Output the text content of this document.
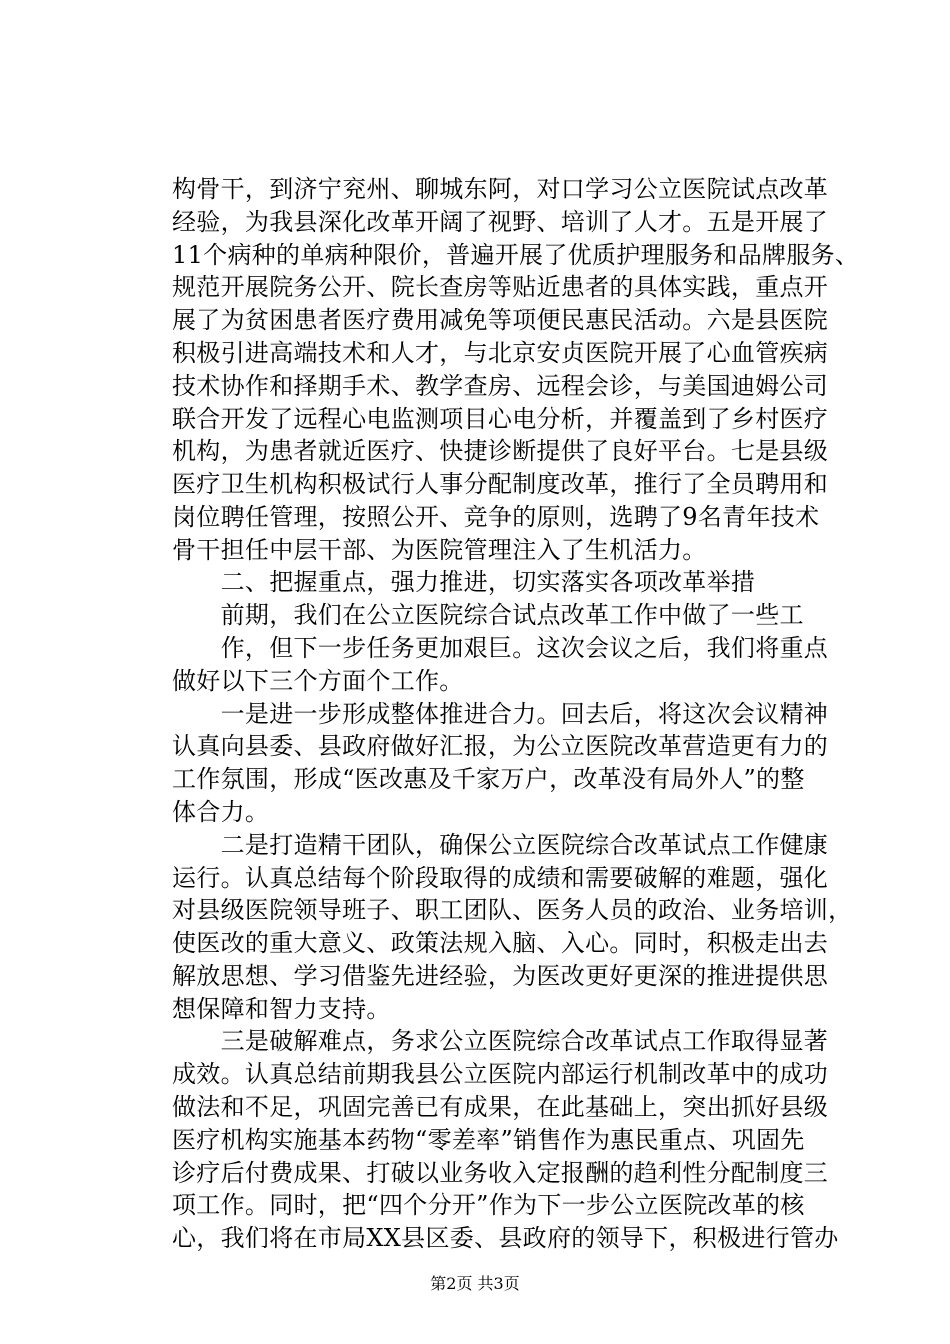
构骨干，到济宁兖州、聊城东阿，对口学习公立医院试点改革
经验，为我县深化改革开阔了视野、培训了人才。五是开展了
11个病种的单病种限价，普遍开展了优质护理服务和品牌服务、
规范开展院务公开、院长查房等贴近患者的具体实践，重点开
展了为贫困患者医疗费用减免等项便民惠民活动。六是县医院
积极引进高端技术和人才，与北京安贞医院开展了心血管疾病
技术协作和择期手术、教学查房、远程会诊，与美国迪姆公司
联合开发了远程心电监测项目心电分析，并覆盖到了乡村医疗
机构，为患者就近医疗、快捷诊断提供了良好平台。七是县级
医疗卫生机构积极试行人事分配制度改革，推行了全员聘用和
岗位聘任管理，按照公开、竞争的原则，选聘了9名青年技术
骨干担任中层干部、为医院管理注入了生机活力。
　　二、把握重点，强力推进，切实落实各项改革举措
　　前期，我们在公立医院综合试点改革工作中做了一些工
　　作，但下一步任务更加艰巨。这次会议之后，我们将重点
做好以下三个方面个工作。
　　一是进一步形成整体推进合力。回去后，将这次会议精神
认真向县委、县政府做好汇报，为公立医院改革营造更有力的
工作氛围，形成“医改惠及千家万户，改革没有局外人”的整
体合力。
　　二是打造精干团队，确保公立医院综合改革试点工作健康
运行。认真总结每个阶段取得的成绩和需要破解的难题，强化
对县级医院领导班子、职工团队、医务人员的政治、业务培训，
使医改的重大意义、政策法规入脑、入心。同时，积极走出去
解放思想、学习借鉴先进经验，为医改更好更深的推进提供思
想保障和智力支持。
　　三是破解难点，务求公立医院综合改革试点工作取得显著
成效。认真总结前期我县公立医院内部运行机制改革中的成功
做法和不足，巩固完善已有成果，在此基础上，突出抓好县级
医疗机构实施基本药物“零差率”销售作为惠民重点、巩固先
诊疗后付费成果、打破以业务收入定报酬的趋利性分配制度三
项工作。同时，把“四个分开”作为下一步公立医院改革的核
心，我们将在市局XX县区委、县政府的领导下，积极进行管办
第2页 共3页
